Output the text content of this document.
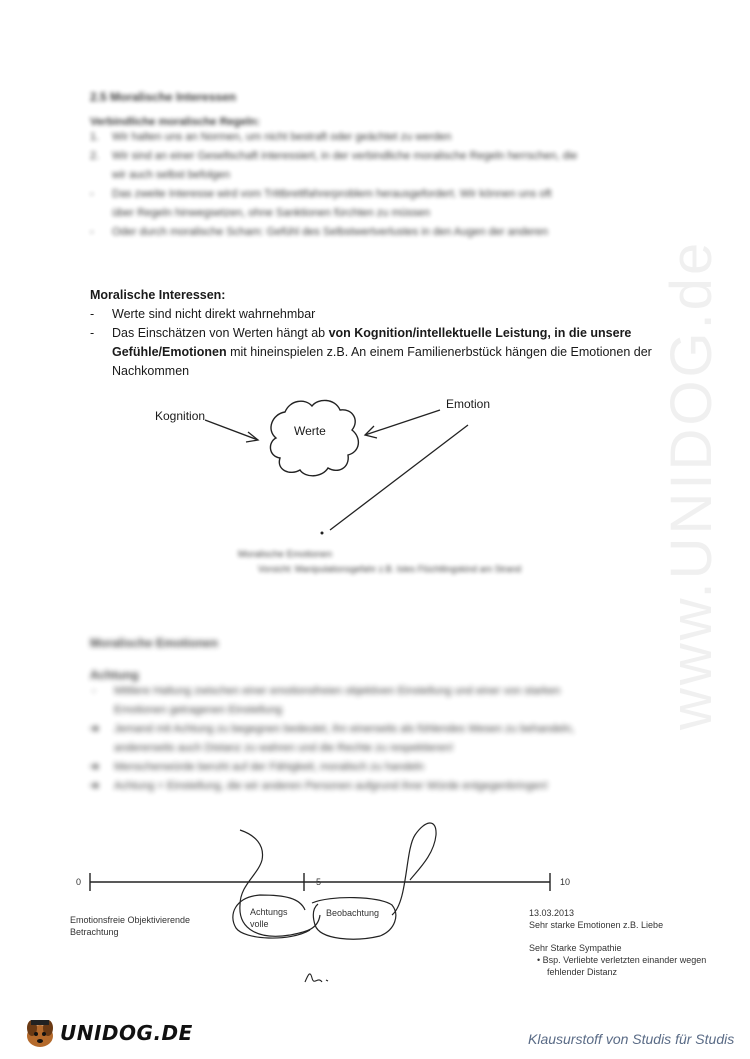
www.UNIDOG.de
2.5 Moralische Interessen
Verbindliche moralische Regeln:
1. Wir halten uns an Normen, um nicht bestraft oder geächtet zu werden
2. Wir sind an einer Gesellschaft interessiert, in der verbindliche moralische Regeln herrschen, die
wir auch selbst befolgen
- Das zweite Interesse wird vom Trittbrettfahrerproblem herausgefordert. Wir können uns oft
über Regeln hinwegsetzen, ohne Sanktionen fürchten zu müssen
- Oder durch moralische Scham: Gefühl des Selbstwertverlustes in den Augen der anderen
Moralische Interessen:
- Werte sind nicht direkt wahrnehmbar
- Das Einschätzen von Werten hängt ab von Kognition/intellektuelle Leistung, in die unsere
Gefühle/Emotionen mit hineinspielen z.B. An einem Familienerbstück hängen die Emotionen der
Nachkommen
Kognition
Emotion
Werte
Moralische Emotionen
Vorsicht: Manipulationsgefahr z.B. Isles Flüchtlingskind am Strand
Moralische Emotionen
Achtung
- Mittlere Haltung zwischen einer emotionsfreien objektiven Einstellung und einer von starken
Emotionen getragenen Einstellung
➔ Jemand mit Achtung zu begegnen bedeutet, ihn einerseits als fühlendes Wesen zu behandeln,
andererseits auch Distanz zu wahren und die Rechte zu respektieren!
➔ Menschenwürde beruht auf der Fähigkeit, moralisch zu handeln
➔ Achtung = Einstellung, die wir anderen Personen aufgrund ihrer Würde entgegenbringen!
0	5	10
Emotionsfreie Objektivierende
Betrachtung
Achtungs
volle
Beobachtung	13.03.2013
Sehr starke Emotionen z.B. Liebe
Sehr Starke Sympathie
• Bsp. Verliebte verletzten einander wegen
fehlender Distanz
UNIDOG.DE	Klausurstoff von Studis für Studis
